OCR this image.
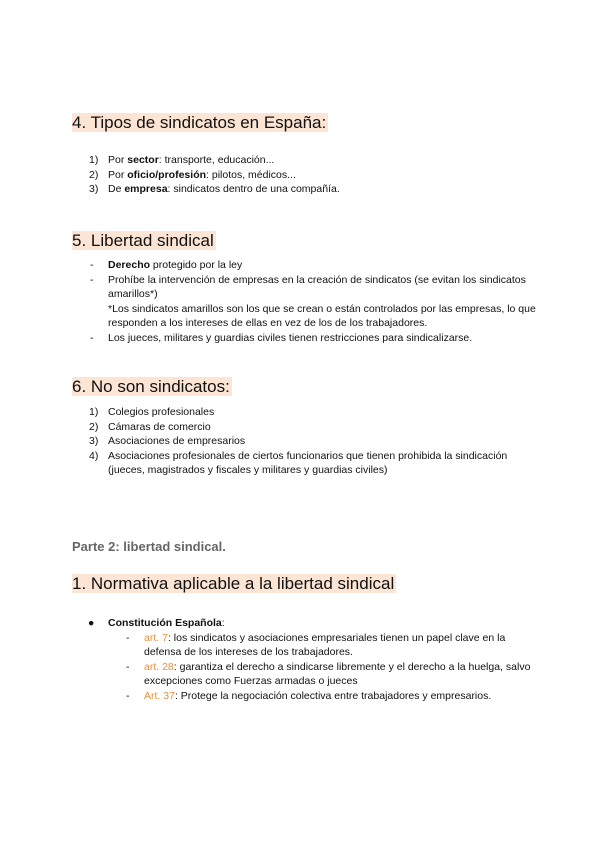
4. Tipos de sindicatos en España:
1) Por sector: transporte, educación...
2) Por oficio/profesión: pilotos, médicos...
3) De empresa: sindicatos dentro de una compañía.
5. Libertad sindical
- Derecho protegido por la ley
- Prohíbe la intervención de empresas en la creación de sindicatos (se evitan los sindicatos amarillos*)
*Los sindicatos amarillos son los que se crean o están controlados por las empresas, lo que responden a los intereses de ellas en vez de los de los trabajadores.
- Los jueces, militares y guardias civiles tienen restricciones para sindicalizarse.
6. No son sindicatos:
1) Colegios profesionales
2) Cámaras de comercio
3) Asociaciones de empresarios
4) Asociaciones profesionales de ciertos funcionarios que tienen prohibida la sindicación (jueces, magistrados y fiscales y militares y guardias civiles)
Parte 2: libertad sindical.
1. Normativa aplicable a la libertad sindical
● Constitución Española:
- art. 7: los sindicatos y asociaciones empresariales tienen un papel clave en la defensa de los intereses de los trabajadores.
- art. 28: garantiza el derecho a sindicarse libremente y el derecho a la huelga, salvo excepciones como Fuerzas armadas o jueces
- Art. 37: Protege la negociación colectiva entre trabajadores y empresarios.
